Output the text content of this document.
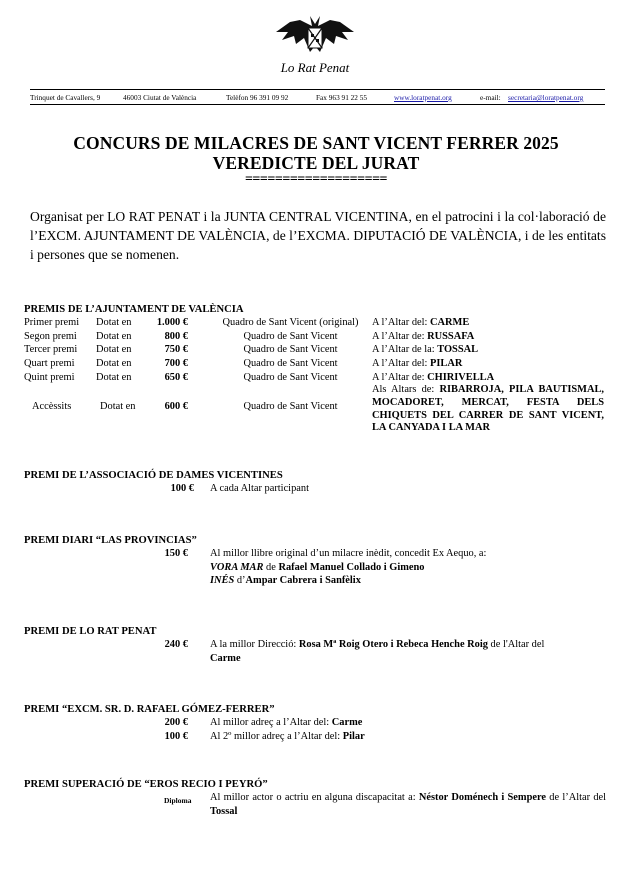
Lo Rat Penat
Trinquet de Cavallers, 9	46003 Ciutat de València	Telèfon 96 391 09 92	Fax 963 91 22 55	www.loratpenat.org	e-mail:	secretaria@loratpenat.org
CONCURS DE MILACRES DE SANT VICENT FERRER 2025
VEREDICTE DEL JURAT
===================
Organisat per LO RAT PENAT i la JUNTA CENTRAL VICENTINA, en el patrocini i la col·laboració de l’EXCM. AJUNTAMENT DE VALÈNCIA, de l’EXCMA. DIPUTACIÓ DE VALÈNCIA, i de les entitats i persones que se nomenen.
PREMIS DE L’AJUNTAMENT DE VALÈNCIA
Primer premi Dotat en 1.000 €	Quadro de Sant Vicent (original)	A l’Altar del: CARME
Segon premi Dotat en	800 €	Quadro de Sant Vicent	A l’Altar de: RUSSAFA
Tercer premi Dotat en	750 €	Quadro de Sant Vicent	A l’Altar de la: TOSSAL
Quart premi Dotat en	700 €	Quadro de Sant Vicent	A l’Altar del: PILAR
Quint premi Dotat en	650 €	Quadro de Sant Vicent	A l’Altar de: CHIRIVELLA
Accèssits	Dotat en	600 €	Quadro de Sant Vicent
Als Altars de: RIBARROJA, PILA BAUTISMAL, MOCADORET, MERCAT, FESTA DELS CHIQUETS DEL CARRER DE SANT VICENT, LA CANYADA I LA MAR
PREMI DE L’ASSOCIACIÓ DE DAMES VICENTINES
100 € A cada Altar participant
PREMI DIARI “LAS PROVINCIAS”
150 € Al millor llibre original d’un milacre inèdit, concedit Ex Aequo, a:
VORA MAR de Rafael Manuel Collado i Gimeno
INÉS d’Ampar Cabrera i Sanfèlix
PREMI DE LO RAT PENAT
240 € A la millor Direcció: Rosa Mª Roig Otero i Rebeca Henche Roig de l'Altar del
Carme
PREMI “EXCM. SR. D. RAFAEL GÓMEZ-FERRER”
200 € Al millor adreç a l’Altar del: Carme
100 € Al 2º millor adreç a l’Altar del: Pilar
PREMI SUPERACIÓ DE “EROS RECIO I PEYRÓ”
Diploma Al millor actor o actriu en alguna discapacitat a: Néstor Doménech i Sempere de l’Altar del Tossal
